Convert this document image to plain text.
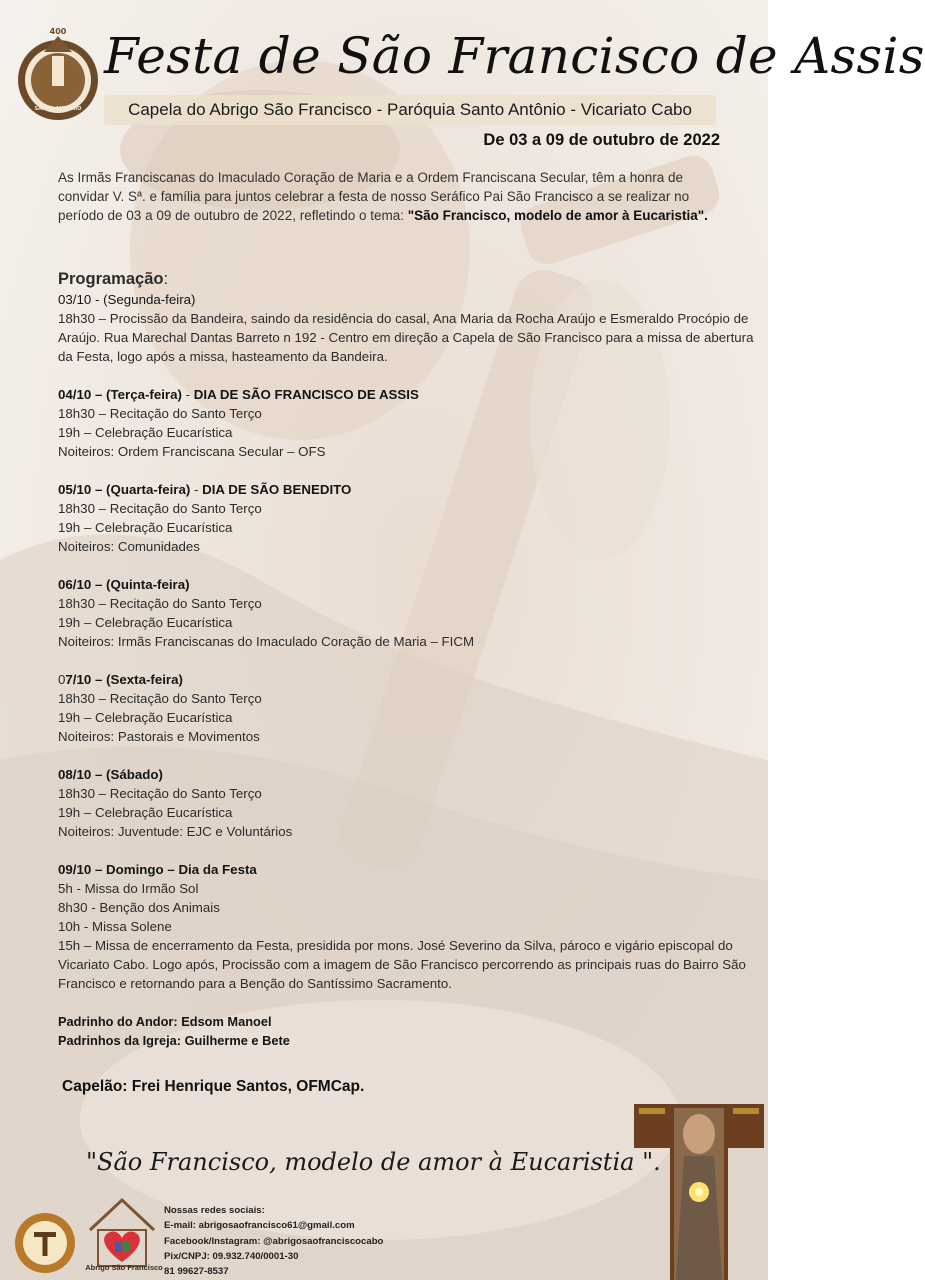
400
SANTO ANTÔNIO
Festa de São Francisco de Assis
Capela do Abrigo São Francisco - Paróquia Santo Antônio - Vicariato Cabo
De 03 a 09 de outubro de 2022
As Irmãs Franciscanas do Imaculado Coração de Maria e a Ordem Franciscana Secular, têm a honra de convidar V. Sª. e família para juntos celebrar a festa de nosso Seráfico Pai São Francisco a se realizar no período de 03 a 09 de outubro de 2022, refletindo o tema: "São Francisco, modelo de amor à Eucaristia".
Programação:
03/10 - (Segunda-feira)
18h30 – Procissão da Bandeira, saindo da residência do casal, Ana Maria da Rocha Araújo e Esmeraldo Procópio de Araújo. Rua Marechal Dantas Barreto n 192 - Centro em direção a Capela de São Francisco para a missa de abertura da Festa, logo após a missa, hasteamento da Bandeira.
04/10 – (Terça-feira) - DIA DE SÃO FRANCISCO DE ASSIS
18h30 – Recitação do Santo Terço
19h – Celebração Eucarística
Noiteiros: Ordem Franciscana Secular – OFS
05/10 – (Quarta-feira) - DIA DE SÃO BENEDITO
18h30 – Recitação do Santo Terço
19h – Celebração Eucarística
Noiteiros: Comunidades
06/10 – (Quinta-feira)
18h30 – Recitação do Santo Terço
19h – Celebração Eucarística
Noiteiros: Irmãs Franciscanas do Imaculado Coração de Maria – FICM
07/10 – (Sexta-feira)
18h30 – Recitação do Santo Terço
19h – Celebração Eucarística
Noiteiros: Pastorais e Movimentos
08/10 – (Sábado)
18h30 – Recitação do Santo Terço
19h – Celebração Eucarística
Noiteiros: Juventude: EJC e Voluntários
09/10 – Domingo – Dia da Festa
5h - Missa do Irmão Sol
8h30 - Benção dos Animais
10h - Missa Solene
15h – Missa de encerramento da Festa, presidida por mons. José Severino da Silva, pároco e vigário episcopal do Vicariato Cabo. Logo após, Procissão com a imagem de São Francisco percorrendo as principais ruas do Bairro São Francisco e retornando para a Benção do Santíssimo Sacramento.
Padrinho do Andor: Edsom Manoel
Padrinhos da Igreja: Guilherme e Bete
Capelão: Frei Henrique Santos, OFMCap.
"São Francisco, modelo de amor à Eucaristia ".
Abrigo São Francisco
Nossas redes sociais:
E-mail: abrigosaofrancisco61@gmail.com
Facebook/Instagram: @abrigosaofranciscocabo
Pix/CNPJ: 09.932.740/0001-30
81 99627-8537
